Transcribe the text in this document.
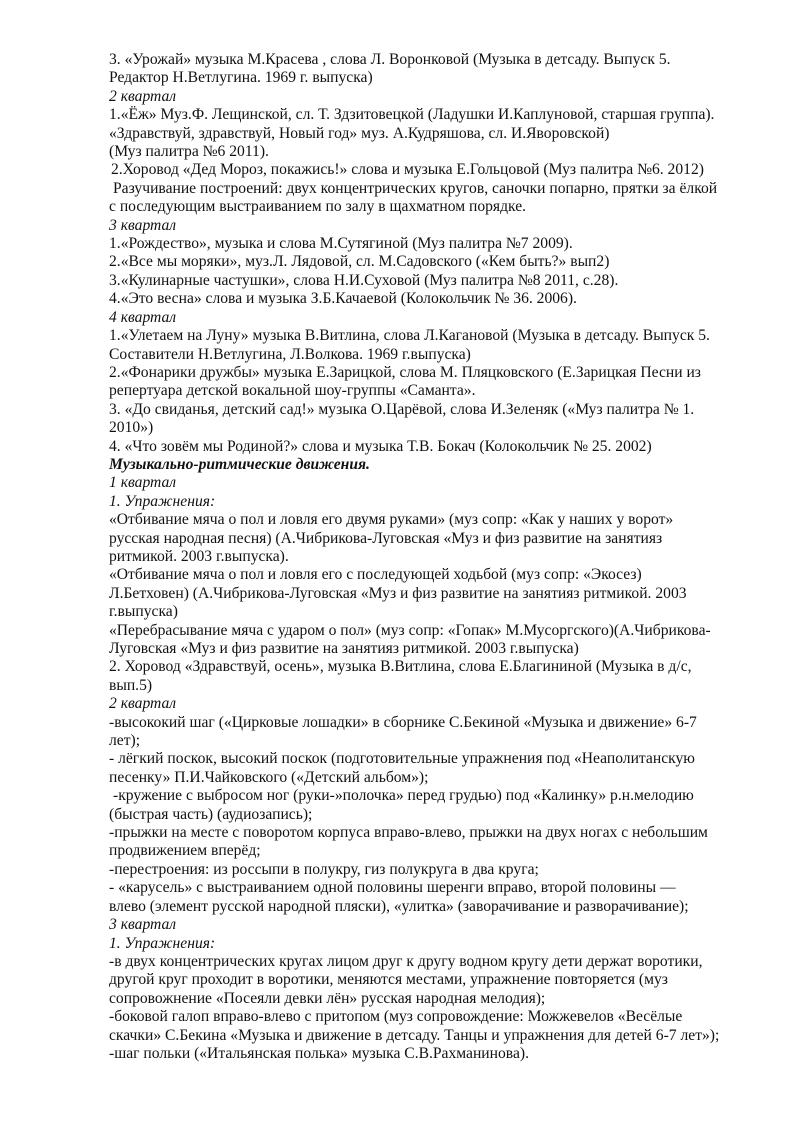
3. «Урожай» музыка М.Красева , слова Л. Воронковой (Музыка в детсаду. Выпуск 5.
Редактор Н.Ветлугина. 1969 г. выпуска)
2 квартал
1.«Ёж» Муз.Ф. Лещинской, сл. Т. Здзитовецкой (Ладушки И.Каплуновой, старшая группа).
«Здравствуй, здравствуй, Новый год» муз. А.Кудряшова, сл. И.Яворовской)
(Муз палитра №6 2011).
2.Хоровод «Дед Мороз, покажись!» слова и музыка Е.Гольцовой (Муз палитра №6. 2012)
Разучивание построений: двух концентрических кругов, саночки попарно, прятки за ёлкой
с последующим выстраиванием по залу в щахматном порядке.
3 квартал
1.«Рождество», музыка и слова М.Сутягиной (Муз палитра №7 2009).
2.«Все мы моряки», муз.Л. Лядовой, сл. М.Садовского («Кем быть?» вып2)
3.«Кулинарные частушки», слова Н.И.Суховой (Муз палитра №8 2011, с.28).
4.«Это весна» слова и музыка З.Б.Качаевой (Колокольчик № 36. 2006).
4 квартал
1.«Улетаем на Луну» музыка В.Витлина, слова Л.Кагановой (Музыка в детсаду. Выпуск 5.
Составители Н.Ветлугина, Л.Волкова. 1969 г.выпуска)
2.«Фонарики дружбы» музыка Е.Зарицкой, слова М. Пляцковского (Е.Зарицкая Песни из
репертуара детской вокальной шоу-группы «Саманта».
3. «До свиданья, детский сад!» музыка О.Царёвой, слова И.Зеленяк («Муз палитра № 1.
2010»)
4. «Что зовём мы Родиной?» слова и музыка Т.В. Бокач (Колокольчик № 25. 2002)
Музыкально-ритмические движения.
1 квартал
1. Упражнения:
«Отбивание мяча о пол и ловля его двумя руками» (муз сопр: «Как у наших у ворот»
русская народная песня) (А.Чибрикова-Луговская «Муз и физ развитие на занятияз
ритмикой. 2003 г.выпуска).
«Отбивание мяча о пол и ловля его с последующей ходьбой (муз сопр: «Экосез)
Л.Бетховен) (А.Чибрикова-Луговская «Муз и физ развитие на занятияз ритмикой. 2003
г.выпуска)
«Перебрасывание мяча с ударом о пол» (муз сопр: «Гопак» М.Мусоргского)(А.Чибрикова-
Луговская «Муз и физ развитие на занятияз ритмикой. 2003 г.выпуска)
2. Хоровод «Здравствуй, осень», музыка В.Витлина, слова Е.Благининой (Музыка в д/с,
вып.5)
2 квартал
-высококий шаг («Цирковые лошадки» в сборнике С.Бекиной «Музыка и движение» 6-7
лет);
- лёгкий поскок, высокий поскок (подготовительные упражнения под «Неаполитанскую
песенку» П.И.Чайковского («Детский альбом»);
-кружение с выбросом ног (руки-»полочка» перед грудью) под «Калинку» р.н.мелодию
(быстрая часть) (аудиозапись);
-прыжки на месте с поворотом корпуса вправо-влево, прыжки на двух ногах с небольшим
продвижением вперёд;
-перестроения: из россыпи в полукру, гиз полукруга в два круга;
- «карусель» с выстраиванием одной половины шеренги вправо, второй половины —
влево (элемент русской народной пляски), «улитка» (заворачивание и разворачивание);
3 квартал
1. Упражнения:
-в двух концентрических кругах лицом друг к другу водном кругу дети держат воротики,
другой круг проходит в воротики, меняются местами, упражнение повторяется (муз
сопровожнение «Посеяли девки лён» русская народная мелодия);
-боковой галоп вправо-влево с притопом (муз сопровождение: Можжевелов «Весёлые
скачки» С.Бекина «Музыка и движение в детсаду. Танцы и упражнения для детей 6-7 лет»);
-шаг польки («Итальянская полька» музыка С.В.Рахманинова).
